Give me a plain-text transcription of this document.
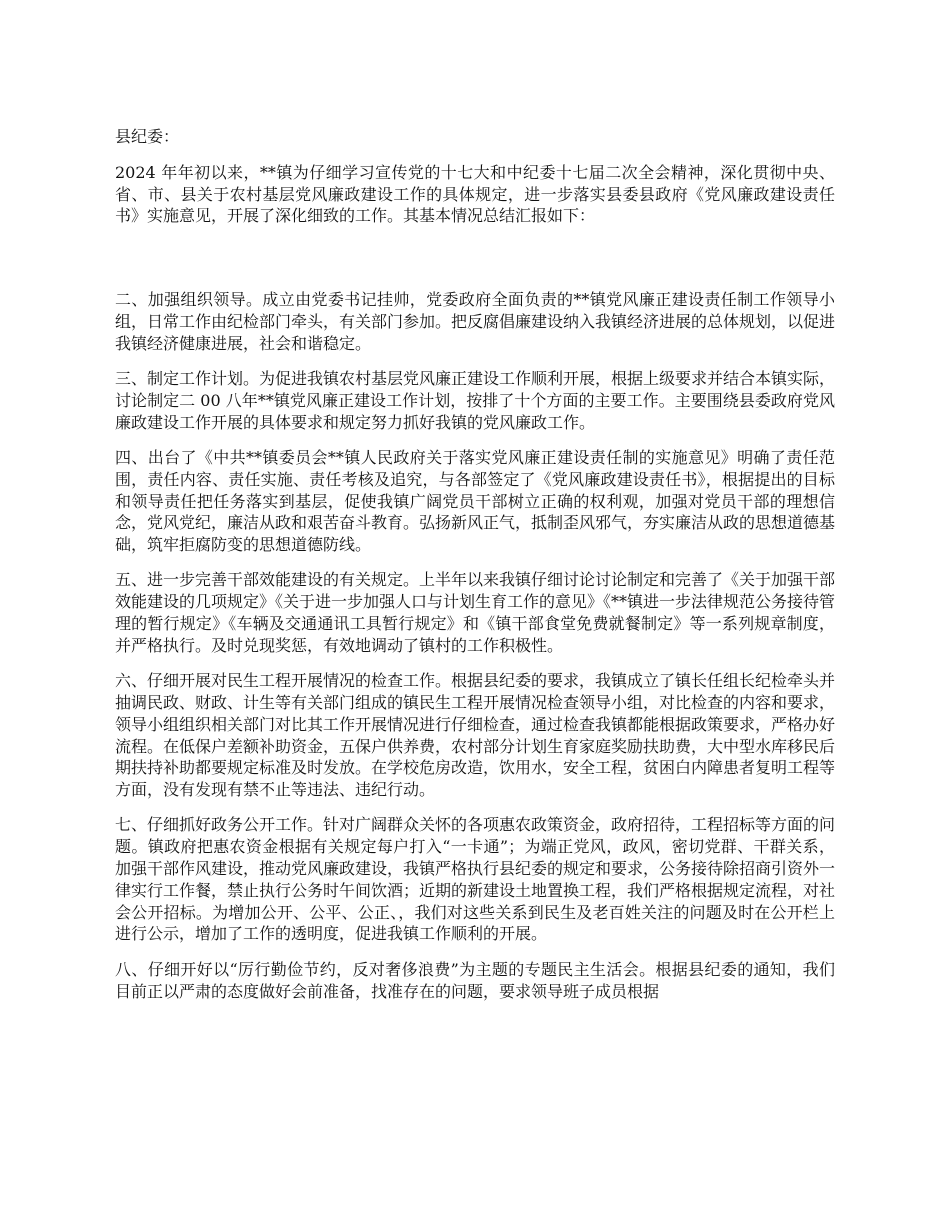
县纪委：

2024 年年初以来，**镇为仔细学习宣传党的十七大和中纪委十七届二次全会精神，深化贯彻中央、省、市、县关于农村基层党风廉政建设工作的具体规定，进一步落实县委县政府《党风廉政建设责任书》实施意见，开展了深化细致的工作。其基本情况总结汇报如下：

二、加强组织领导。成立由党委书记挂帅，党委政府全面负责的**镇党风廉正建设责任制工作领导小组，日常工作由纪检部门牵头，有关部门参加。把反腐倡廉建设纳入我镇经济进展的总体规划，以促进我镇经济健康进展，社会和谐稳定。

三、制定工作计划。为促进我镇农村基层党风廉正建设工作顺利开展，根据上级要求并结合本镇实际，讨论制定二 00 八年**镇党风廉正建设工作计划，按排了十个方面的主要工作。主要围绕县委政府党风廉政建设工作开展的具体要求和规定努力抓好我镇的党风廉政工作。

四、出台了《中共**镇委员会**镇人民政府关于落实党风廉正建设责任制的实施意见》明确了责任范围，责任内容、责任实施、责任考核及追究，与各部签定了《党风廉政建设责任书》，根据提出的目标和领导责任把任务落实到基层，促使我镇广阔党员干部树立正确的权利观，加强对党员干部的理想信念，党风党纪，廉洁从政和艰苦奋斗教育。弘扬新风正气，抵制歪风邪气，夯实廉洁从政的思想道德基础，筑牢拒腐防变的思想道德防线。

五、进一步完善干部效能建设的有关规定。上半年以来我镇仔细讨论讨论制定和完善了《关于加强干部效能建设的几项规定》《关于进一步加强人口与计划生育工作的意见》《**镇进一步法律规范公务接待管理的暂行规定》《车辆及交通通讯工具暂行规定》和《镇干部食堂免费就餐制定》等一系列规章制度，并严格执行。及时兑现奖惩，有效地调动了镇村的工作积极性。

六、仔细开展对民生工程开展情况的检查工作。根据县纪委的要求，我镇成立了镇长任组长纪检牵头并抽调民政、财政、计生等有关部门组成的镇民生工程开展情况检查领导小组，对比检查的内容和要求，领导小组组织相关部门对比其工作开展情况进行仔细检查，通过检查我镇都能根据政策要求，严格办好流程。在低保户差额补助资金，五保户供养费，农村部分计划生育家庭奖励扶助费，大中型水库移民后期扶持补助都要规定标准及时发放。在学校危房改造，饮用水，安全工程，贫困白内障患者复明工程等方面，没有发现有禁不止等违法、违纪行动。

七、仔细抓好政务公开工作。针对广阔群众关怀的各项惠农政策资金，政府招待，工程招标等方面的问题。镇政府把惠农资金根据有关规定每户打入“一卡通”；为端正党风，政风，密切党群、干群关系，加强干部作风建设，推动党风廉政建设，我镇严格执行县纪委的规定和要求，公务接待除招商引资外一律实行工作餐，禁止执行公务时午间饮酒；近期的新建设土地置换工程，我们严格根据规定流程，对社会公开招标。为增加公开、公平、公正、，我们对这些关系到民生及老百姓关注的问题及时在公开栏上进行公示，增加了工作的透明度，促进我镇工作顺利的开展。

八、仔细开好以“厉行勤俭节约，反对奢侈浪费”为主题的专题民主生活会。根据县纪委的通知，我们目前正以严肃的态度做好会前准备，找准存在的问题，要求领导班子成员根据
